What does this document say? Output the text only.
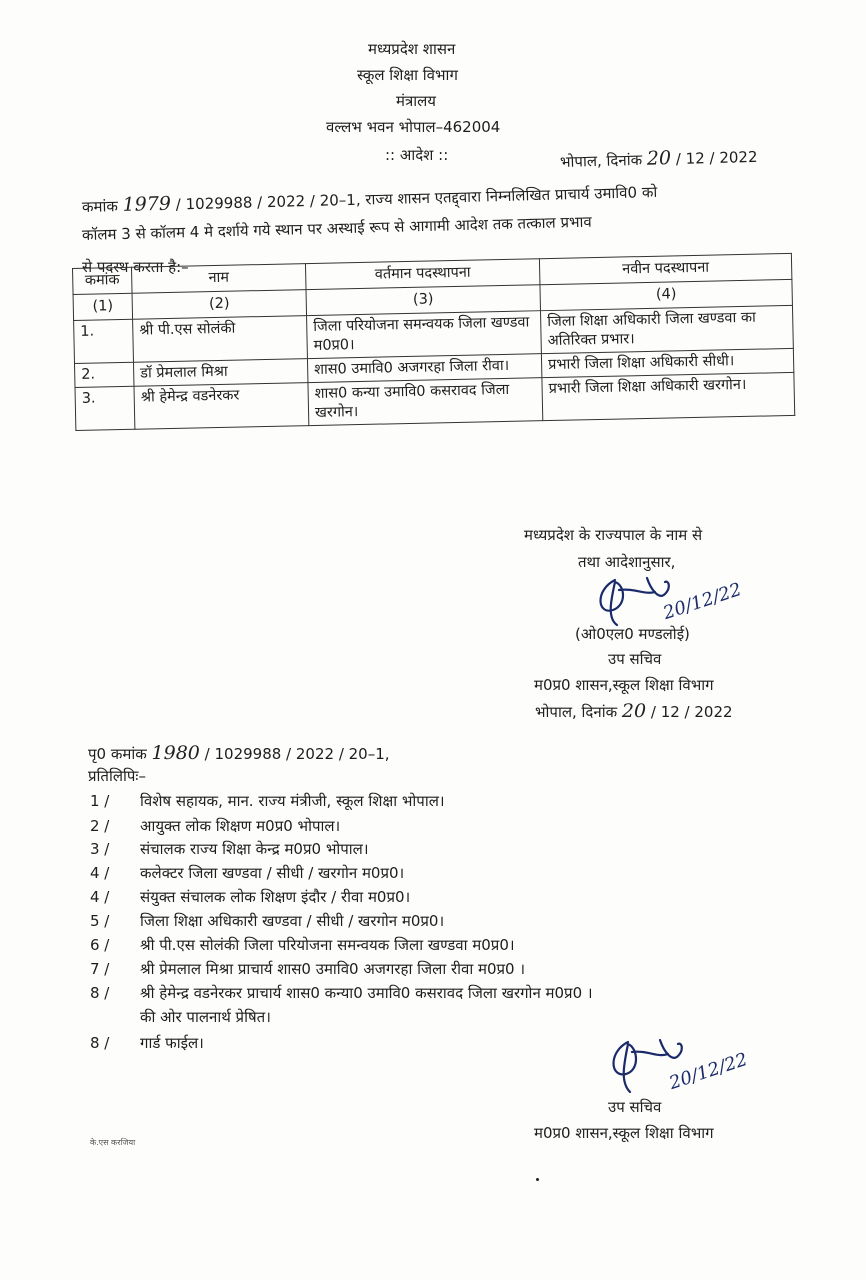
मध्यप्रदेश शासन
स्कूल शिक्षा विभाग
मंत्रालय
वल्लभ भवन भोपाल–462004
:: आदेश ::	भोपाल, दिनांक 20 / 12 / 2022
कमांक 1979 / 1029988 / 2022 / 20–1, राज्य शासन एतद्द्वारा निम्नलिखित प्राचार्य उमावि0 को
कॉलम 3 से कॉलम 4 मे दर्शाये गये स्थान पर अस्थाई रूप से आगामी आदेश तक तत्काल प्रभाव
से पदस्थ करता है:–
कमांक	नाम	वर्तमान पदस्थापना	नवीन पदस्थापना
(1)	(2)	(3)	(4)
1.	श्री पी.एस सोलंकी	जिला परियोजना समन्वयक जिला खण्डवा म0प्र0।	जिला शिक्षा अधिकारी जिला खण्डवा का अतिरिक्त प्रभार।
2.	डॉ प्रेमलाल मिश्रा	शास0 उमावि0 अजगरहा जिला रीवा।	प्रभारी जिला शिक्षा अधिकारी सीधी।
3.	श्री हेमेन्द्र वडनेरकर	शास0 कन्या उमावि0 कसरावद जिला खरगोन।	प्रभारी जिला शिक्षा अधिकारी खरगोन।
मध्यप्रदेश के राज्यपाल के नाम से
तथा आदेशानुसार,
20/12/22
(ओ0एल0 मण्डलोई)
उप सचिव
म0प्र0 शासन,स्कूल शिक्षा विभाग
भोपाल, दिनांक 20 / 12 / 2022
पृ0 कमांक 1980 / 1029988 / 2022 / 20–1,
प्रतिलिपिः–
1 / विशेष सहायक, मान. राज्य मंत्रीजी, स्कूल शिक्षा भोपाल।
2 / आयुक्त लोक शिक्षण म0प्र0 भोपाल।
3 / संचालक राज्य शिक्षा केन्द्र म0प्र0 भोपाल।
4 / कलेक्टर जिला खण्डवा / सीधी / खरगोन म0प्र0।
4 / संयुक्त संचालक लोक शिक्षण इंदौर / रीवा म0प्र0।
5 / जिला शिक्षा अधिकारी खण्डवा / सीधी / खरगोन म0प्र0।
6 / श्री पी.एस सोलंकी जिला परियोजना समन्वयक जिला खण्डवा म0प्र0।
7 / श्री प्रेमलाल मिश्रा प्राचार्य शास0 उमावि0 अजगरहा जिला रीवा म0प्र0 ।
8 / श्री हेमेन्द्र वडनेरकर प्राचार्य शास0 कन्या0 उमावि0 कसरावद जिला खरगोन म0प्र0 ।
की ओर पालनार्थ प्रेषित।
8 / गार्ड फाईल।
20/12/22
उप सचिव
म0प्र0 शासन,स्कूल शिक्षा विभाग
के.एस करजिया
